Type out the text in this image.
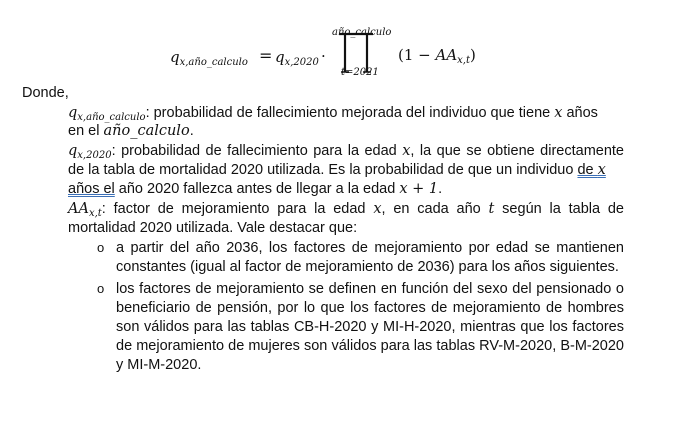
$q_{x,año\_calculo} = q_{x,2020}$ ·
año_calculo
t=2021
$(1 - AA_{x,t})$
Donde,
$q_{x,año\_calculo}$: probabilidad de fallecimiento mejorada del individuo que tiene x años
en el año_calculo.
$q_{x,2020}$: probabilidad de fallecimiento para la edad x, la que se obtiene directamente
de la tabla de mortalidad 2020 utilizada. Es la probabilidad de que un individuo de x
años el año 2020 fallezca antes de llegar a la edad x + 1.
$AA_{x,t}$: factor de mejoramiento para la edad x, en cada año t según la tabla de
mortalidad 2020 utilizada. Vale destacar que:
o a partir del año 2036, los factores de mejoramiento por edad se mantienen
constantes (igual al factor de mejoramiento de 2036) para los años siguientes.
o los factores de mejoramiento se definen en función del sexo del pensionado o
beneficiario de pensión, por lo que los factores de mejoramiento de hombres
son válidos para las tablas CB-H-2020 y MI-H-2020, mientras que los factores
de mejoramiento de mujeres son válidos para las tablas RV-M-2020, B-M-2020
y MI-M-2020.
